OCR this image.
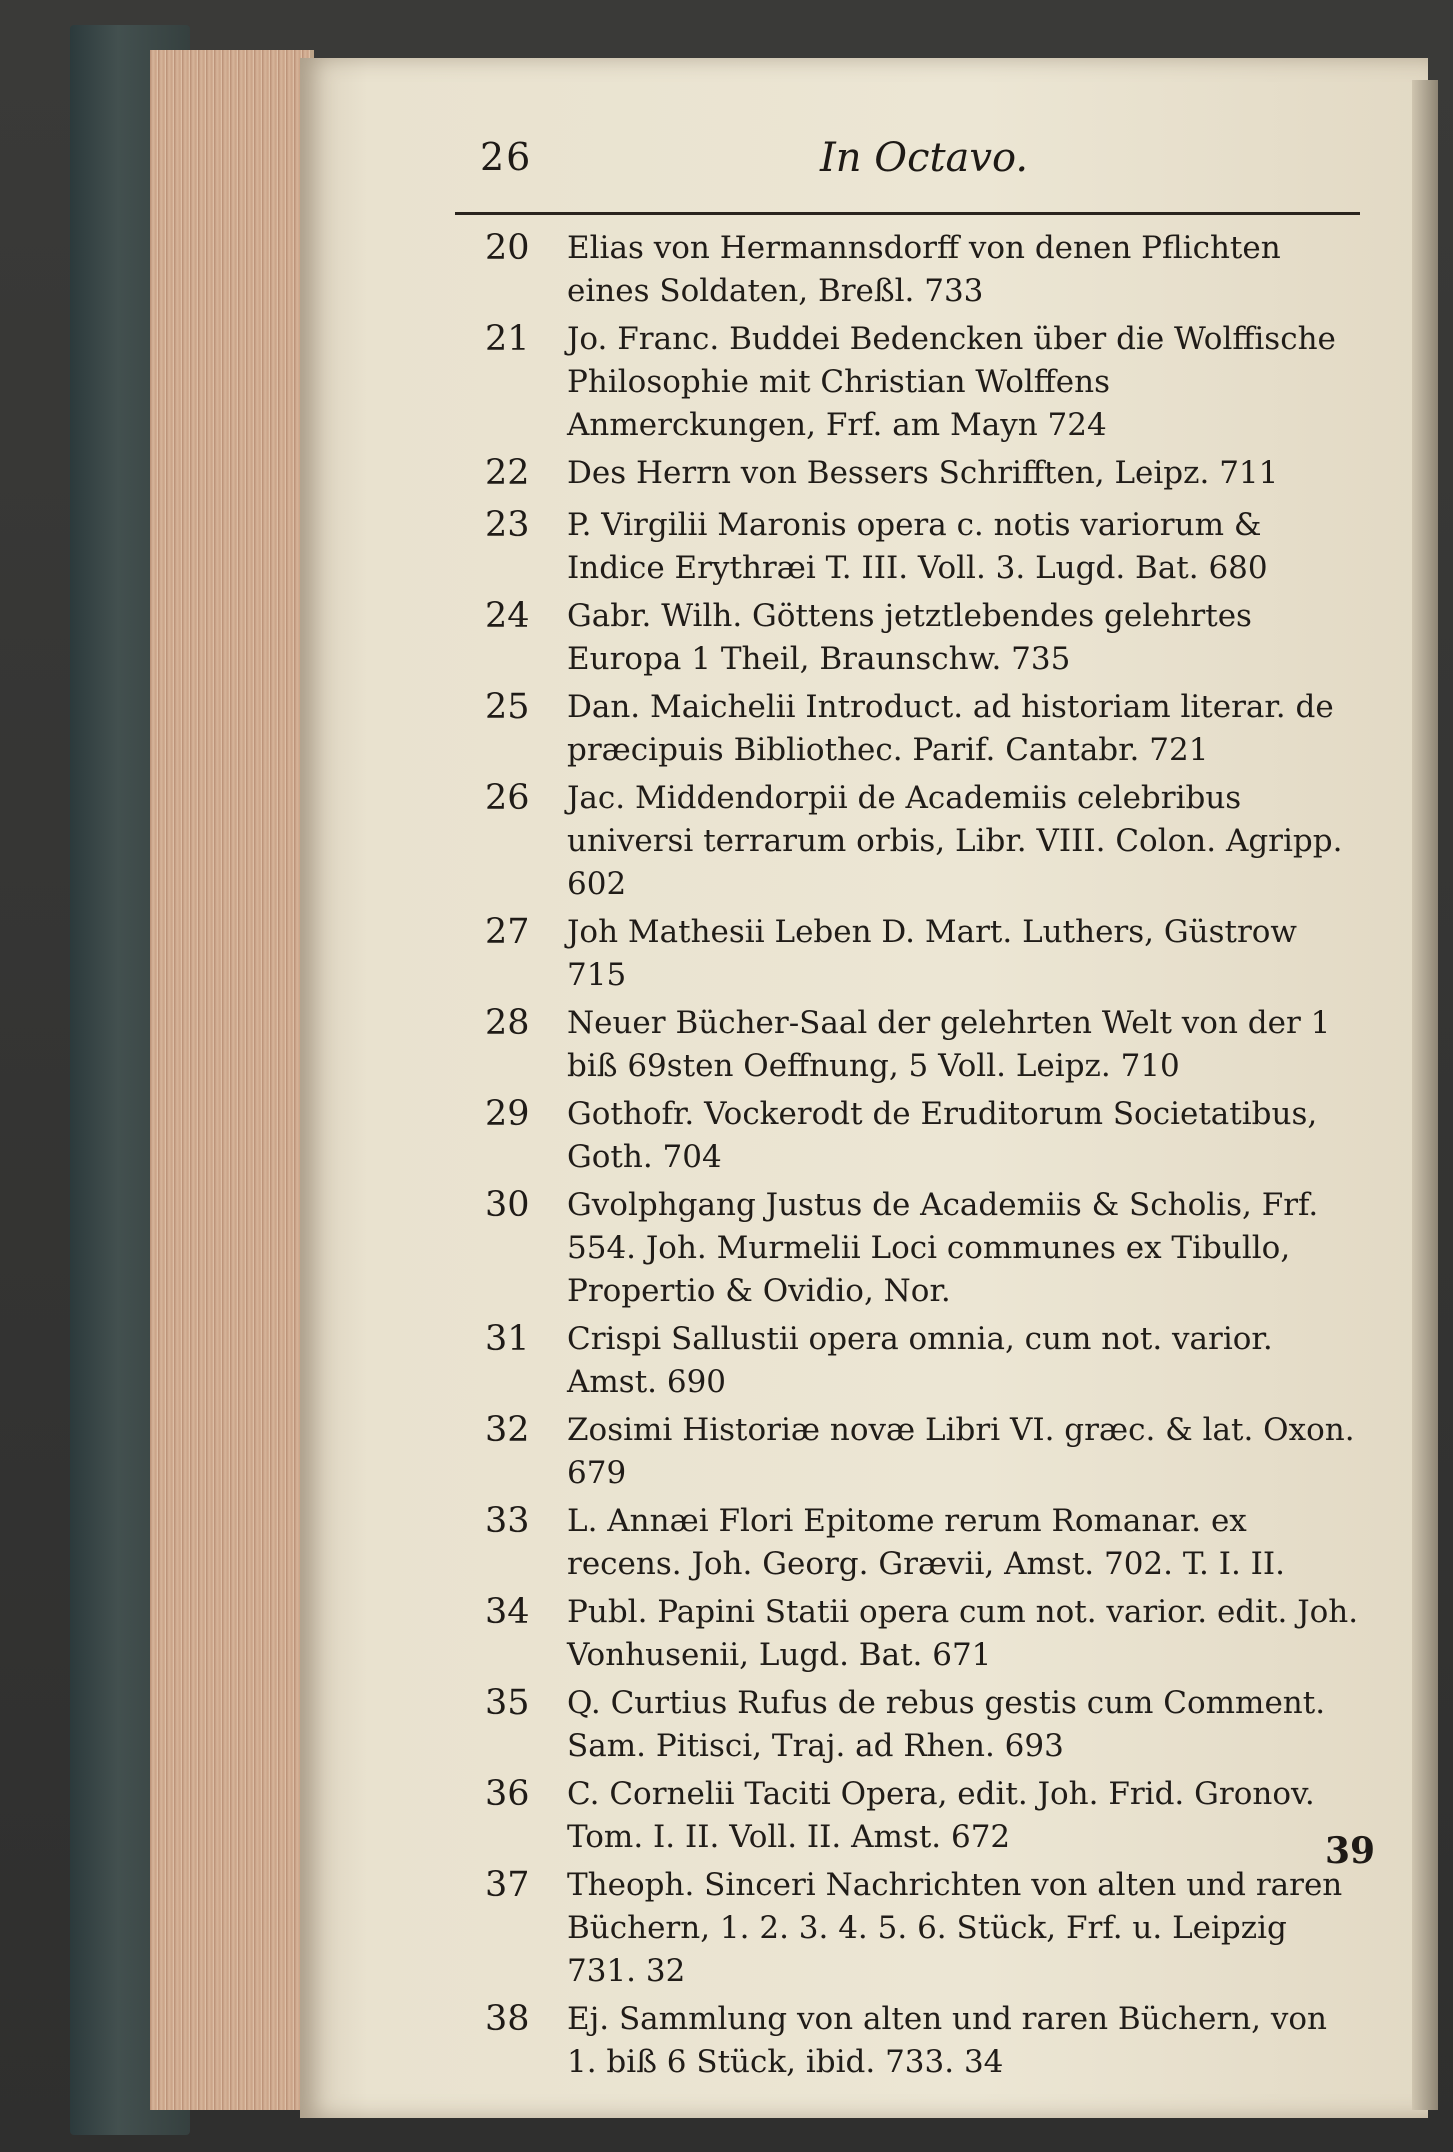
26	In Octavo.
20	Elias von Hermannsdorff von denen Pflichten eines Soldaten, Breßl. 733
21	Jo. Franc. Buddei Bedencken über die Wolffische Philosophie mit Christian Wolffens Anmerckungen, Frf. am Mayn 724
22	Des Herrn von Bessers Schrifften, Leipz. 711
23	P. Virgilii Maronis opera c. notis variorum & Indice Erythræi T. III. Voll. 3. Lugd. Bat. 680
24	Gabr. Wilh. Göttens jetztlebendes gelehrtes Europa 1 Theil, Braunschw. 735
25	Dan. Maichelii Introduct. ad historiam literar. de præcipuis Bibliothec. Parif. Cantabr. 721
26	Jac. Middendorpii de Academiis celebribus universi terrarum orbis, Libr. VIII. Colon. Agripp. 602
27	Joh Mathesii Leben D. Mart. Luthers, Güstrow 715
28	Neuer Bücher-Saal der gelehrten Welt von der 1 biß 69sten Oeffnung, 5 Voll. Leipz. 710
29	Gothofr. Vockerodt de Eruditorum Societatibus, Goth. 704
30	Gvolphgang Justus de Academiis & Scholis, Frf. 554. Joh. Murmelii Loci communes ex Tibullo, Propertio & Ovidio, Nor.
31	Crispi Sallustii opera omnia, cum not. varior. Amst. 690
32	Zosimi Historiæ novæ Libri VI. græc. & lat. Oxon. 679
33	L. Annæi Flori Epitome rerum Romanar. ex recens. Joh. Georg. Grævii, Amst. 702. T. I. II.
34	Publ. Papini Statii opera cum not. varior. edit. Joh. Vonhusenii, Lugd. Bat. 671
35	Q. Curtius Rufus de rebus gestis cum Comment. Sam. Pitisci, Traj. ad Rhen. 693
36	C. Cornelii Taciti Opera, edit. Joh. Frid. Gronov. Tom. I. II. Voll. II. Amst. 672
37	Theoph. Sinceri Nachrichten von alten und raren Büchern, 1. 2. 3. 4. 5. 6. Stück, Frf. u. Leipzig 731. 32
38	Ej. Sammlung von alten und raren Büchern, von 1. biß 6 Stück, ibid. 733. 34
39
